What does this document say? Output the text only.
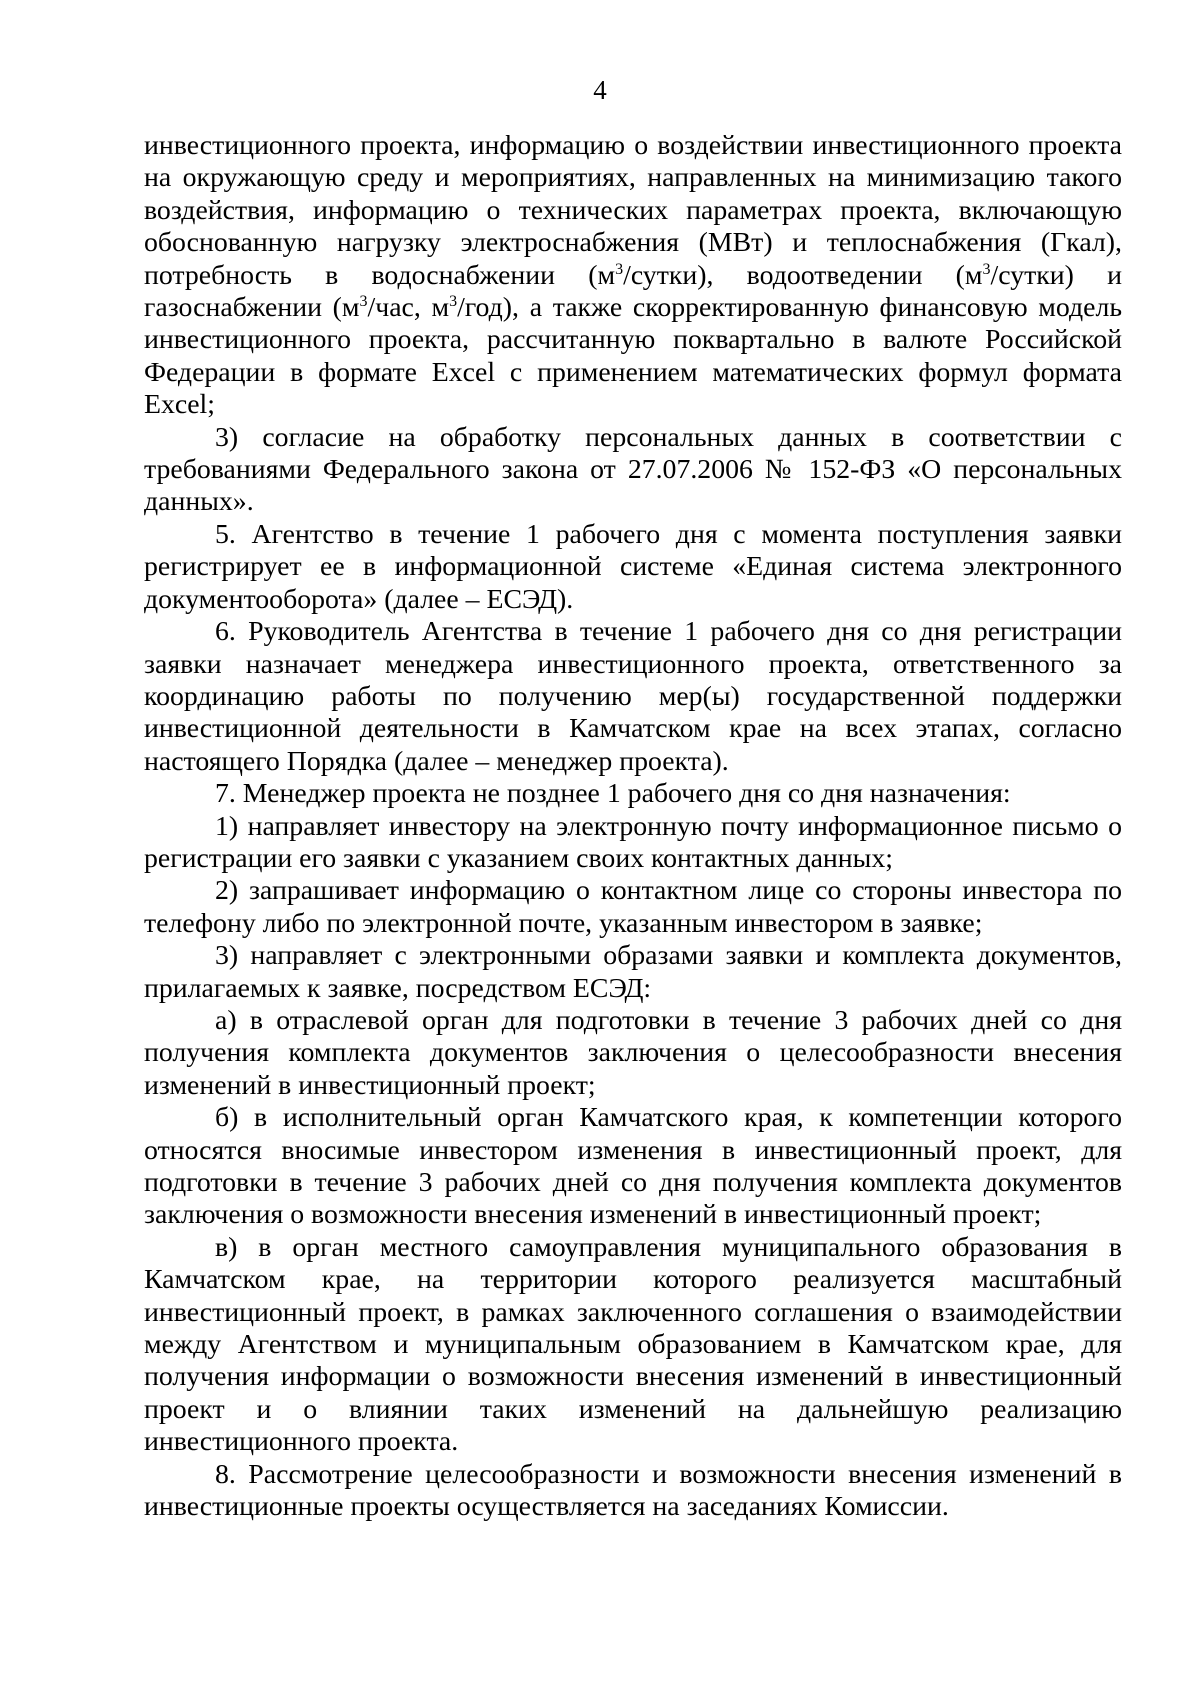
4

инвестиционного проекта, информацию о воздействии инвестиционного проекта на окружающую среду и мероприятиях, направленных на минимизацию такого воздействия, информацию о технических параметрах проекта, включающую обоснованную нагрузку электроснабжения (МВт) и теплоснабжения (Гкал), потребность в водоснабжении $(м^3/сутки)$, водоотведении $(м^3/сутки)$ и газоснабжении ($м^3$/час, $м^3/год$), а также скорректированную финансовую модель инвестиционного проекта, рассчитанную поквартально в валюте Российской Федерации в формате Excel с применением математических формул формата Excel;

3) согласие на обработку персональных данных в соответствии с требованиями Федерального закона от 27.07.2006 № 152-ФЗ «О персональных данных».

5. Агентство в течение 1 рабочего дня с момента поступления заявки регистрирует ее в информационной системе «Единая система электронного документооборота» (далее – ЕСЭД).

6. Руководитель Агентства в течение 1 рабочего дня со дня регистрации заявки назначает менеджера инвестиционного проекта, ответственного за координацию работы по получению мер(ы) государственной поддержки инвестиционной деятельности в Камчатском крае на всех этапах, согласно настоящего Порядка (далее – менеджер проекта).

7. Менеджер проекта не позднее 1 рабочего дня со дня назначения:

1) направляет инвестору на электронную почту информационное письмо о регистрации его заявки с указанием своих контактных данных;

2) запрашивает информацию о контактном лице со стороны инвестора по телефону либо по электронной почте, указанным инвестором в заявке;

3) направляет с электронными образами заявки и комплекта документов, прилагаемых к заявке, посредством ЕСЭД:

а) в отраслевой орган для подготовки в течение 3 рабочих дней со дня получения комплекта документов заключения о целесообразности внесения изменений в инвестиционный проект;

б) в исполнительный орган Камчатского края, к компетенции которого относятся вносимые инвестором изменения в инвестиционный проект, для подготовки в течение 3 рабочих дней со дня получения комплекта документов заключения о возможности внесения изменений в инвестиционный проект;

в) в орган местного самоуправления муниципального образования в Камчатском крае, на территории которого реализуется масштабный инвестиционный проект, в рамках заключенного соглашения о взаимодействии между Агентством и муниципальным образованием в Камчатском крае, для получения информации о возможности внесения изменений в инвестиционный проект и о влиянии таких изменений на дальнейшую реализацию инвестиционного проекта.

8. Рассмотрение целесообразности и возможности внесения изменений в инвестиционные проекты осуществляется на заседаниях Комиссии.
